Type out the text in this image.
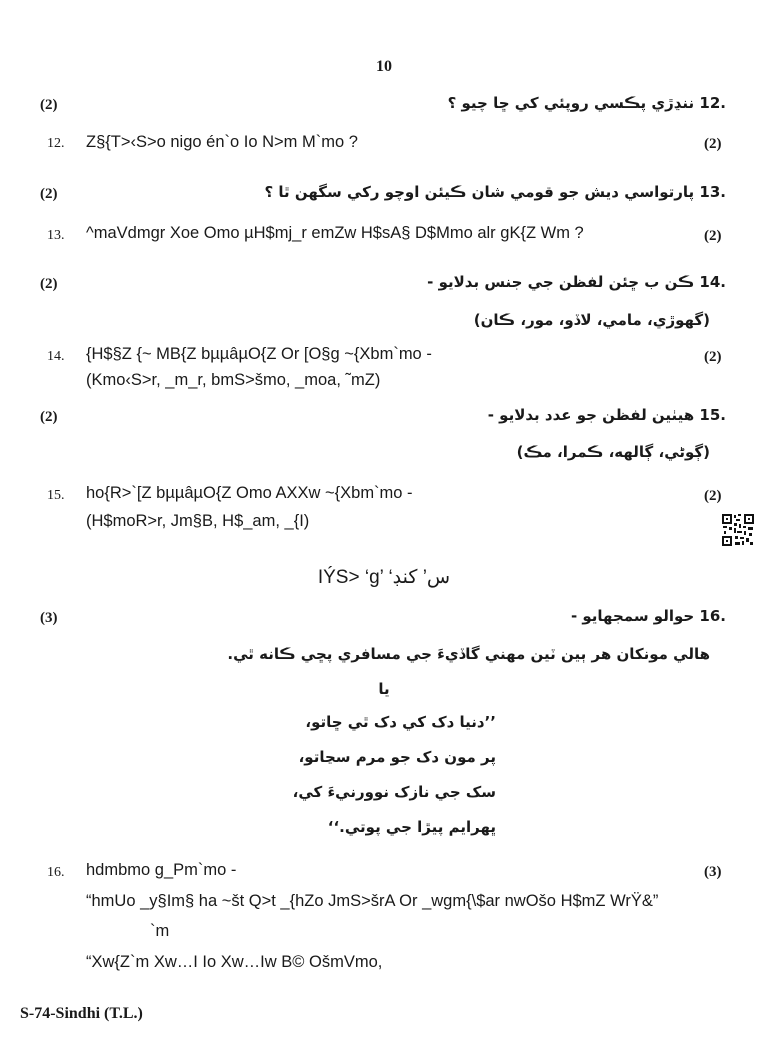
10
(2)	.12 ننڍڙي پڪسي روپئي کي ڇا چيو ؟
12. Z§{T>‹S>o nigo én`o Io N>m M`mo ?	(2)
(2)	.13 پارتواسي ديش جو قومي شان ڪيئن اوچو رکي سگهن ٿا ؟
13. ^maVdmgr Xoe Omo µH$mj_r emZw H$sA§ D$Mmo alr gK{Z Wm ?	(2)
(2)	.14 ڪن ب ڇئن لفظن جي جنس بدلايو -
(گهوڙي، مامي، لاڏو، مور، ڪان)
14. {H$§Z {~ MB{Z bµµâµO{Z Or [O§g ~{Xbm`mo -	(2)
(Kmo‹S>r, _m_r, bmS>šmo, _moa, ˜mZ)
(2)	.15 هيٺين لفظن جو عدد بدلايو -
(ڳوڻي، ڳالهه، ڪمرا، مڪ)
15. ho{R>`[Z bµµâµO{Z Omo AXXw ~{Xbm`mo -	(2)
(H$moR>r, Jm§B, H$_am, _{I)
IÝS> ‘g’ ‘س’ کنڊ
(3)	.16 حوالو سمجهايو -
هالي مونکان هر ٻين ٽين مهني گاڏيءَ جي مسافري پڇي ڪانه ٿي.
يا
’’دنيا دک کي دک ٿي ڇاتو،
پر مون دک جو مرم سڃاتو،
سک جي نازک نوورنيءَ کي،
ڀهرايم پيڙا جي پوتي.‘‘
16. hdmbmo g_Pm`mo -	(3)
“hmUo _y§Im§ ha ~št Q>t _{hZo JmS>šrA Or _wgm{\$ar nwOšo H$mZ WrŸ&”
`m
“Xw{Z`m Xw…I Io Xw…Iw B© OšmVmo,
S-74-Sindhi (T.L.)
